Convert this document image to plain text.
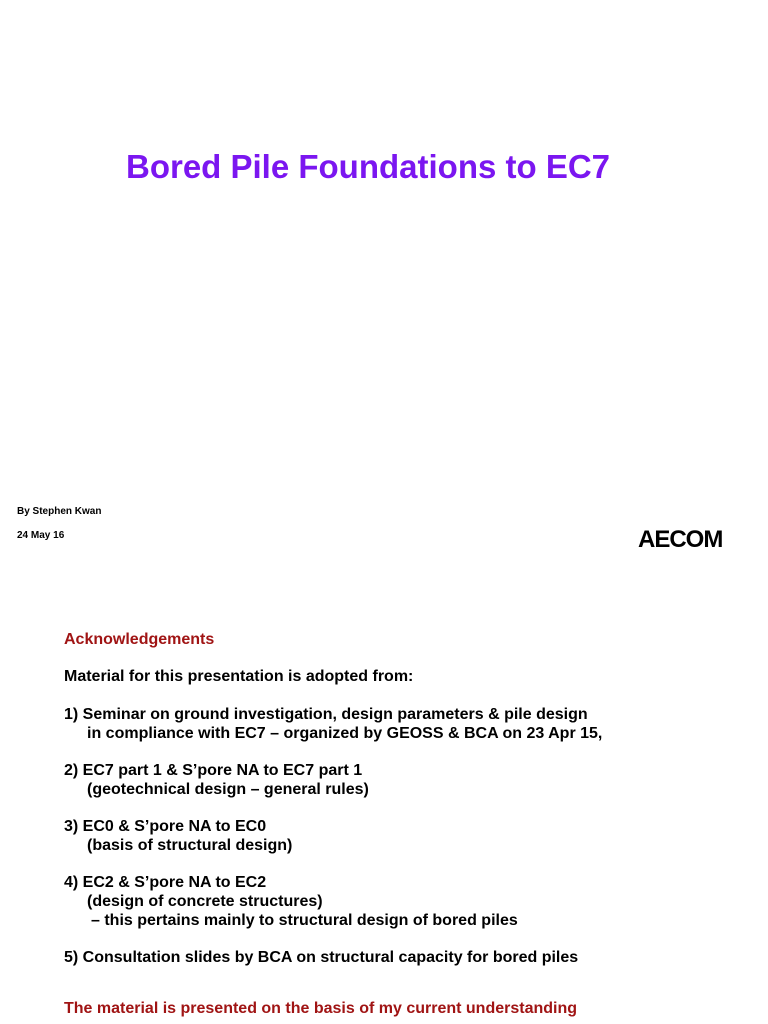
Bored Pile Foundations to EC7
By Stephen Kwan
24 May 16	AECOM
Acknowledgements
Material for this presentation is adopted from:
1) Seminar on ground investigation, design parameters & pile design
in compliance with EC7 – organized by GEOSS & BCA on 23 Apr 15,
2) EC7 part 1 & S’pore NA to EC7 part 1
(geotechnical design – general rules)
3) EC0 & S’pore NA to EC0
(basis of structural design)
4) EC2 & S’pore NA to EC2
(design of concrete structures)
– this pertains mainly to structural design of bored piles
5) Consultation slides by BCA on structural capacity for bored piles
The material is presented on the basis of my current understanding
